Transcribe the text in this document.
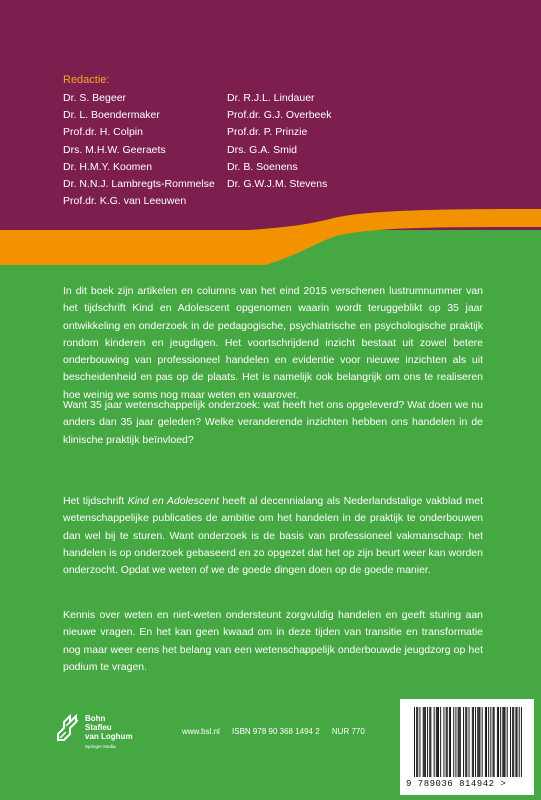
Redactie:
Dr. S. Begeer
Dr. L. Boendermaker
Prof.dr. H. Colpin
Drs. M.H.W. Geeraets
Dr. H.M.Y. Koomen
Dr. N.N.J. Lambregts-Rommelse
Prof.dr. K.G. van Leeuwen
Dr. R.J.L. Lindauer
Prof.dr. G.J. Overbeek
Prof.dr. P. Prinzie
Drs. G.A. Smid
Dr. B. Soenens
Dr. G.W.J.M. Stevens
In dit boek zijn artikelen en columns van het eind 2015 verschenen lustrumnummer van het tijdschrift Kind en Adolescent opgenomen waarin wordt teruggeblikt op 35 jaar ontwikkeling en onderzoek in de pedagogische, psychiatrische en psychologische praktijk rondom kinderen en jeugdigen. Het voortschrijdend inzicht bestaat uit zowel betere onderbouwing van professioneel handelen en evidentie voor nieuwe inzichten als uit bescheidenheid en pas op de plaats. Het is namelijk ook belangrijk om ons te realiseren hoe weinig we soms nog maar weten en waarover.
Want 35 jaar wetenschappelijk onderzoek: wat heeft het ons opgeleverd? Wat doen we nu anders dan 35 jaar geleden? Welke veranderende inzichten hebben ons handelen in de klinische praktijk beïnvloed?
Het tijdschrift Kind en Adolescent heeft al decennialang als Nederlandstalige vakblad met wetenschappelijke publicaties de ambitie om het handelen in de praktijk te onderbouwen dan wel bij te sturen. Want onderzoek is de basis van professioneel vakmanschap: het handelen is op onderzoek gebaseerd en zo opgezet dat het op zijn beurt weer kan worden onderzocht. Opdat we weten of we de goede dingen doen op de goede manier.
Kennis over weten en niet-weten ondersteunt zorgvuldig handelen en geeft sturing aan nieuwe vragen. En het kan geen kwaad om in deze tijden van transitie en transformatie nog maar weer eens het belang van een wetenschappelijk onderbouwde jeugdzorg op het podium te vragen.
Bohn
Stafleu
van Loghum
Springer Media
www.bsl.nl ISBN 978 90 368 1494 2 NUR 770
9 789036 814942 >
